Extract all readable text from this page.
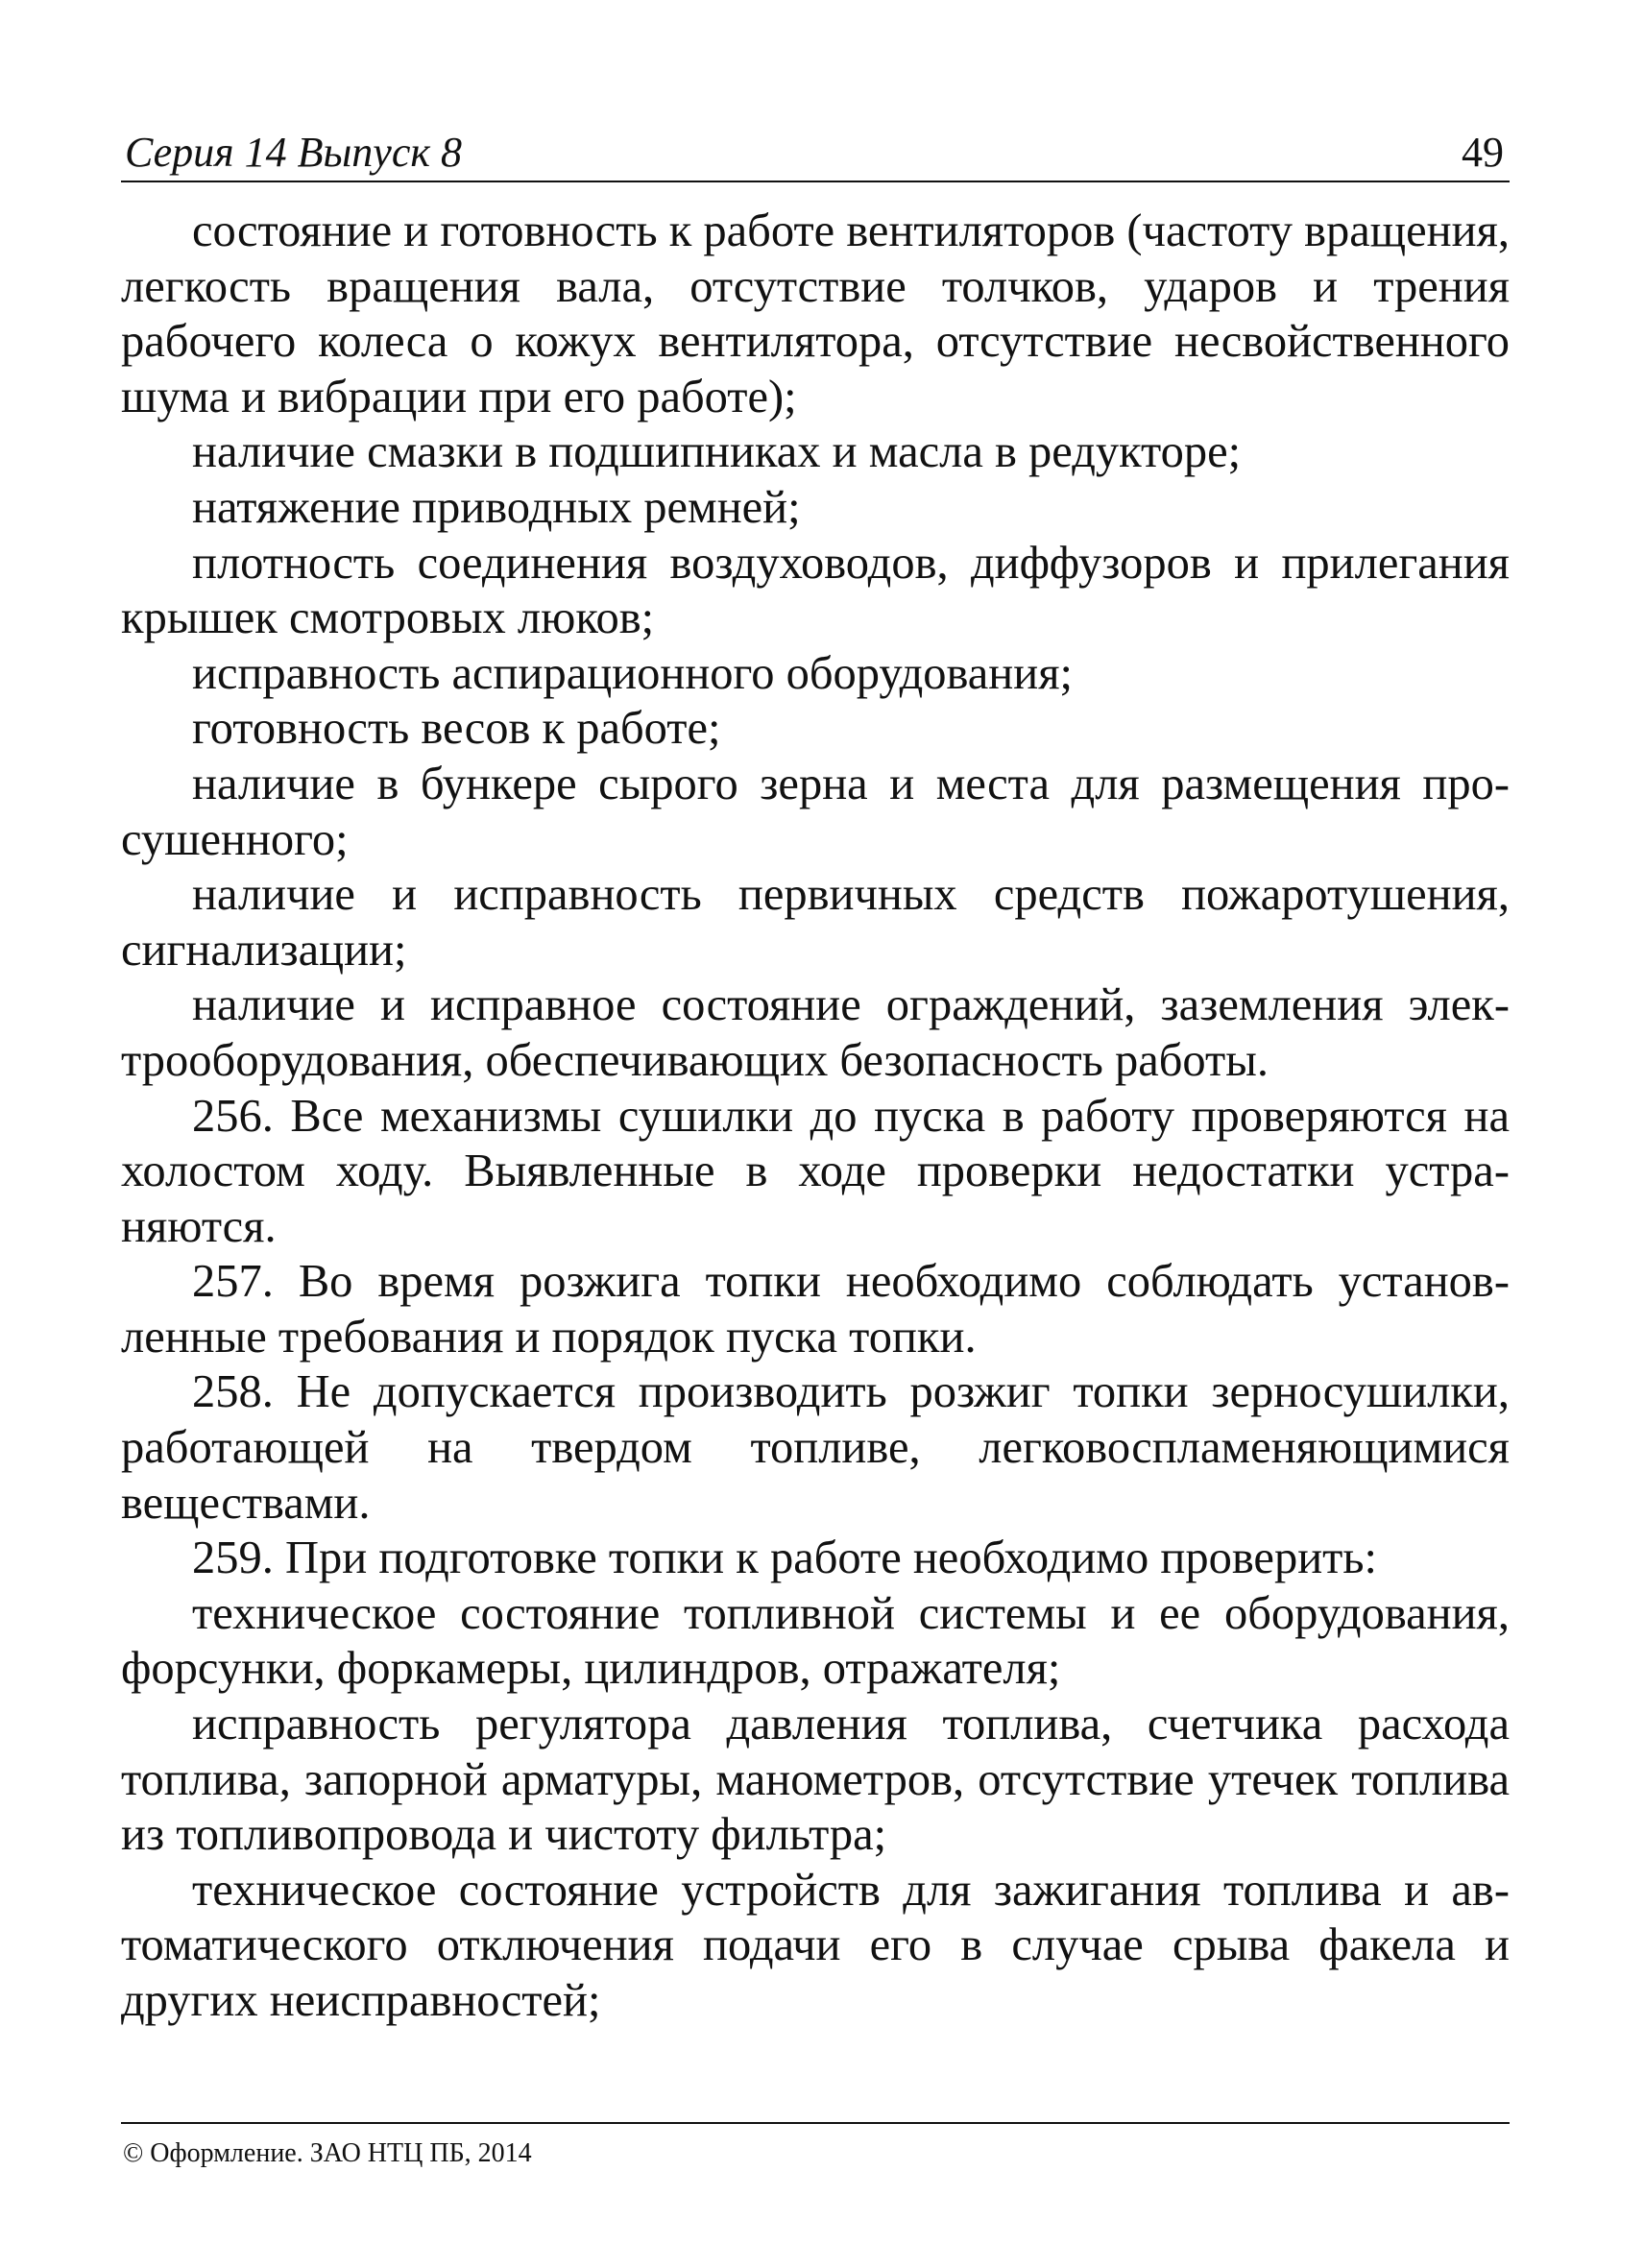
Серия 14 Выпуск 8	49

состояние и готовность к работе вентиляторов (частоту вращения, легкость вращения вала, отсутствие толчков, ударов и трения рабочего колеса о кожух вентилятора, отсутствие несвойственного шума и вибрации при его работе);

наличие смазки в подшипниках и масла в редукторе;

натяжение приводных ремней;

плотность соединения воздуховодов, диффузоров и прилегания крышек смотровых люков;

исправность аспирационного оборудования;

готовность весов к работе;

наличие в бункере сырого зерна и места для размещения просушенного;

наличие и исправность первичных средств пожаротушения, сигнализации;

наличие и исправное состояние ограждений, заземления электрооборудования, обеспечивающих безопасность работы.

256. Все механизмы сушилки до пуска в работу проверяются на холостом ходу. Выявленные в ходе проверки недостатки устраняются.

257. Во время розжига топки необходимо соблюдать установленные требования и порядок пуска топки.

258. Не допускается производить розжиг топки зерносушилки, работающей на твердом топливе, легковоспламеняющимися веществами.

259. При подготовке топки к работе необходимо проверить:

техническое состояние топливной системы и ее оборудования, форсунки, форкамеры, цилиндров, отражателя;

исправность регулятора давления топлива, счетчика расхода топлива, запорной арматуры, манометров, отсутствие утечек топлива из топливопровода и чистоту фильтра;

техническое состояние устройств для зажигания топлива и автоматического отключения подачи его в случае срыва факела и других неисправностей;

© Оформление. ЗАО НТЦ ПБ, 2014
